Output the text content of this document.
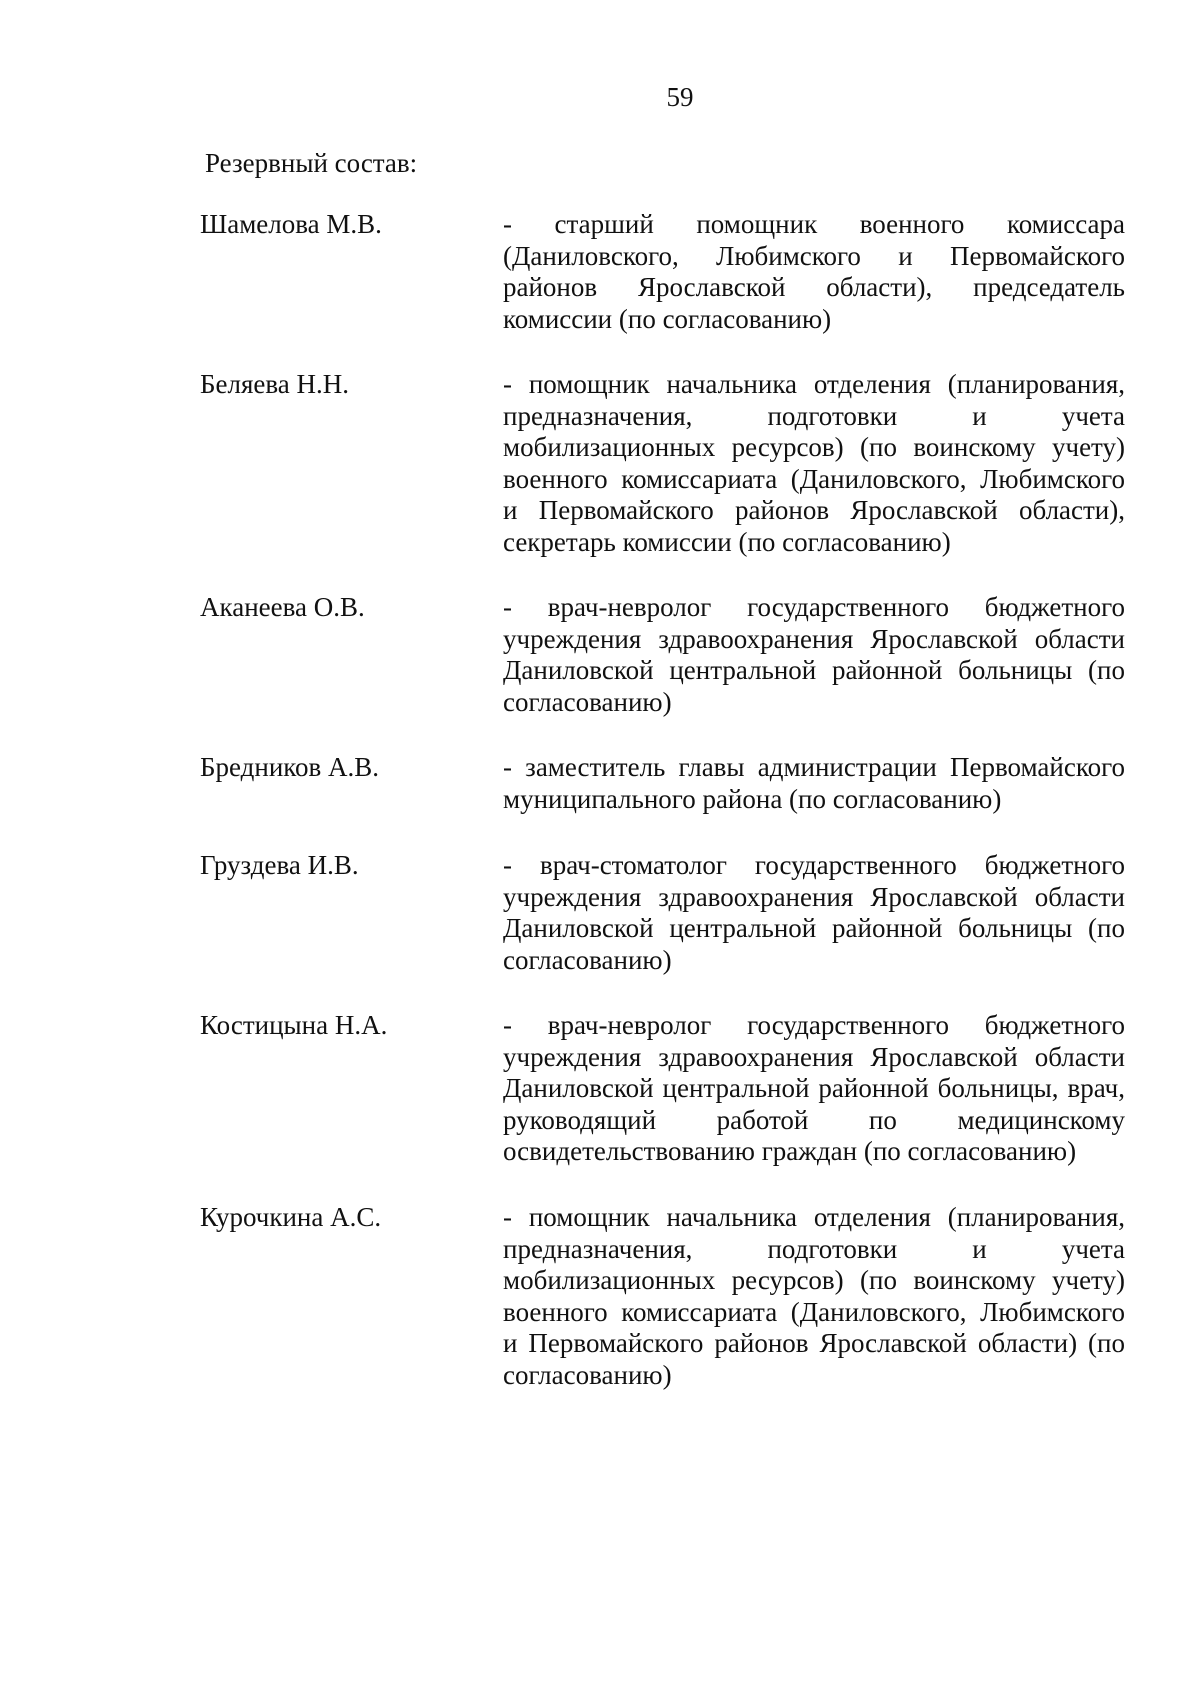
59
Резервный состав:
Шамелова М.В.	- старший помощник военного комиссара (Даниловского, Любимского и Первомайского районов Ярославской области), председатель комиссии (по согласованию)
Беляева Н.Н.	- помощник начальника отделения (планирования, предназначения, подготовки и учета мобилизационных ресурсов) (по воинскому учету) военного комиссариата (Даниловского, Любимского и Первомайского районов Ярославской области), секретарь комиссии (по согласованию)
Аканеева О.В.	- врач-невролог государственного бюджетного учреждения здравоохранения Ярославской области Даниловской центральной районной больницы (по согласованию)
Бредников А.В.	- заместитель главы администрации Первомайского муниципального района (по согласованию)
Груздева И.В.	- врач-стоматолог государственного бюджетного учреждения здравоохранения Ярославской области Даниловской центральной районной больницы (по согласованию)
Костицына Н.А.	- врач-невролог государственного бюджетного учреждения здравоохранения Ярославской области Даниловской центральной районной больницы, врач, руководящий работой по медицинскому освидетельствованию граждан (по согласованию)
Курочкина А.С.	- помощник начальника отделения (планирования, предназначения, подготовки и учета мобилизационных ресурсов) (по воинскому учету) военного комиссариата (Даниловского, Любимского и Первомайского районов Ярославской области) (по согласованию)
